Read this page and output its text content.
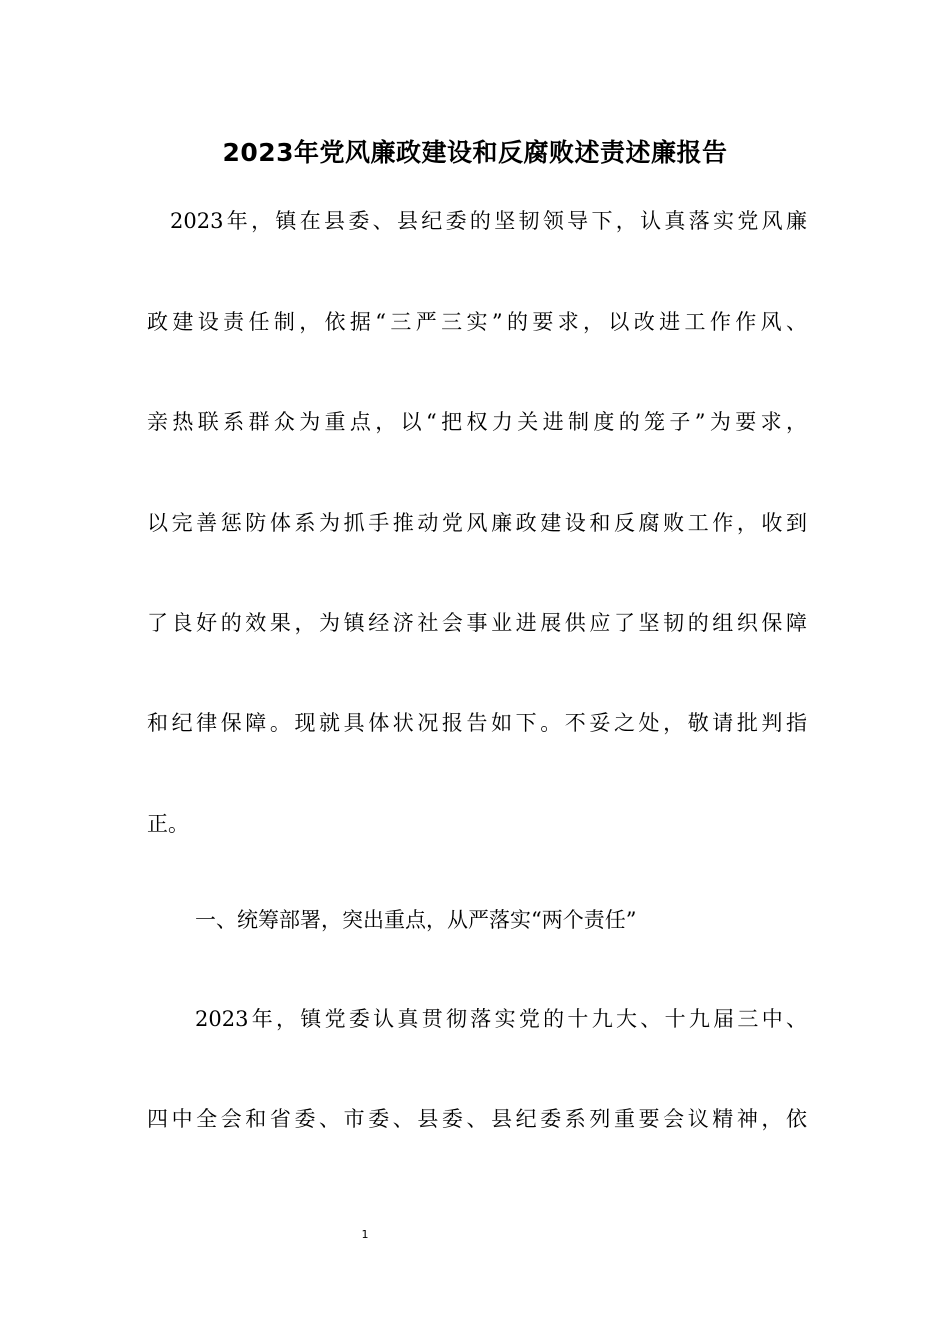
2023年党风廉政建设和反腐败述责述廉报告
2023年，镇在县委、县纪委的坚韧领导下，认真落实党风廉
政建设责任制，依据“三严三实”的要求，以改进工作作风、
亲热联系群众为重点，以“把权力关进制度的笼子”为要求，
以完善惩防体系为抓手推动党风廉政建设和反腐败工作，收到
了良好的效果，为镇经济社会事业进展供应了坚韧的组织保障
和纪律保障。现就具体状况报告如下。不妥之处，敬请批判指
正。
一、统筹部署，突出重点，从严落实“两个责任”
2023年，镇党委认真贯彻落实党的十九大、十九届三中、
四中全会和省委、市委、县委、县纪委系列重要会议精神，依
1
